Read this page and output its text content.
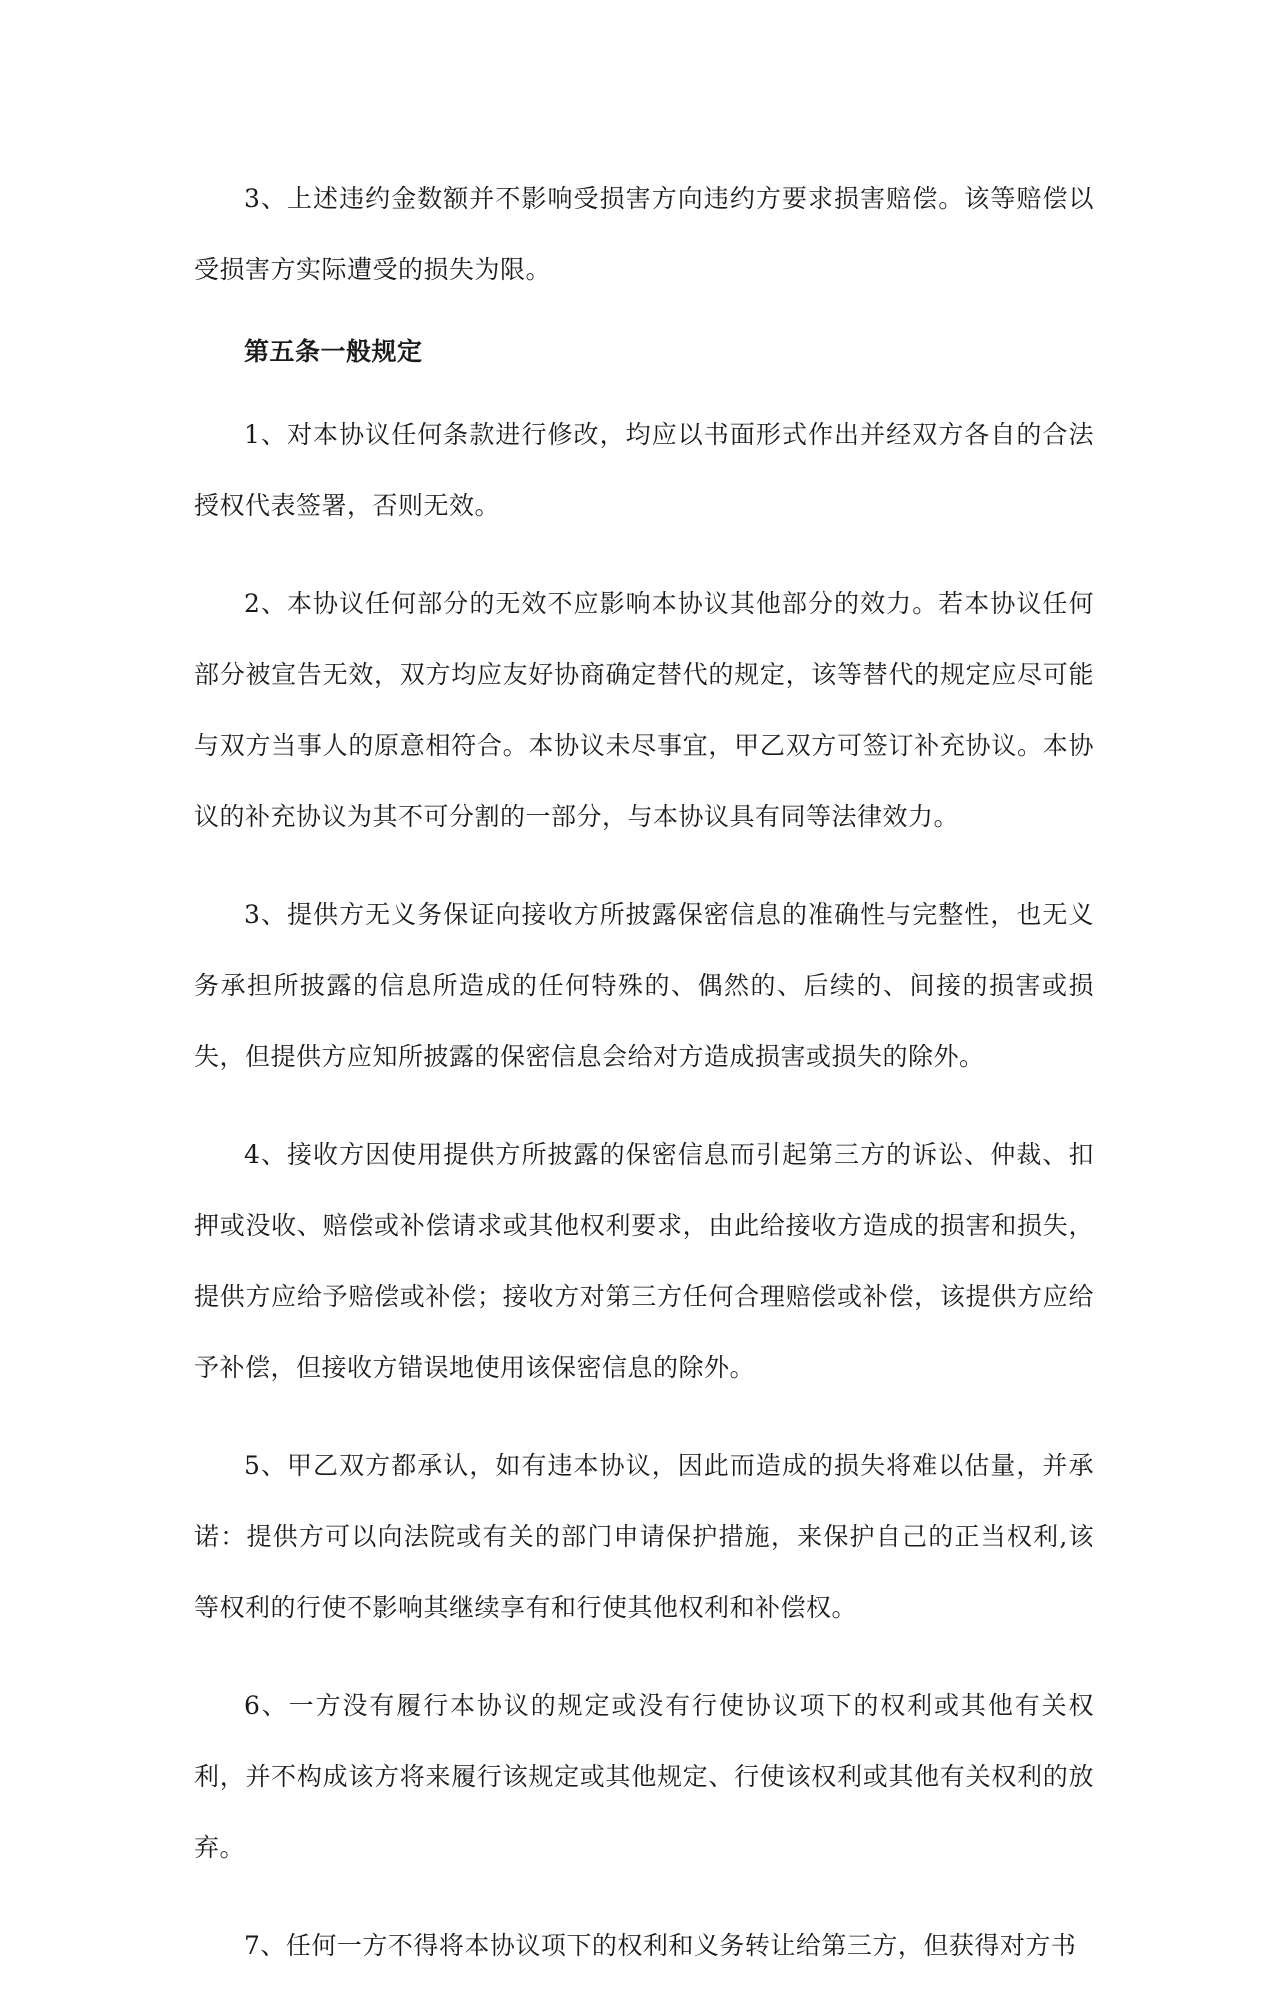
3、上述违约金数额并不影响受损害方向违约方要求损害赔偿。该等赔偿以受损害方实际遭受的损失为限。

第五条一般规定

1、对本协议任何条款进行修改，均应以书面形式作出并经双方各自的合法授权代表签署，否则无效。

2、本协议任何部分的无效不应影响本协议其他部分的效力。若本协议任何部分被宣告无效，双方均应友好协商确定替代的规定，该等替代的规定应尽可能与双方当事人的原意相符合。本协议未尽事宜，甲乙双方可签订补充协议。本协议的补充协议为其不可分割的一部分，与本协议具有同等法律效力。

3、提供方无义务保证向接收方所披露保密信息的准确性与完整性，也无义务承担所披露的信息所造成的任何特殊的、偶然的、后续的、间接的损害或损失，但提供方应知所披露的保密信息会给对方造成损害或损失的除外。

4、接收方因使用提供方所披露的保密信息而引起第三方的诉讼、仲裁、扣押或没收、赔偿或补偿请求或其他权利要求，由此给接收方造成的损害和损失，提供方应给予赔偿或补偿；接收方对第三方任何合理赔偿或补偿，该提供方应给予补偿，但接收方错误地使用该保密信息的除外。

5、甲乙双方都承认，如有违本协议，因此而造成的损失将难以估量，并承诺：提供方可以向法院或有关的部门申请保护措施，来保护自己的正当权利,该等权利的行使不影响其继续享有和行使其他权利和补偿权。

6、一方没有履行本协议的规定或没有行使协议项下的权利或其他有关权利，并不构成该方将来履行该规定或其他规定、行使该权利或其他有关权利的放弃。

7、任何一方不得将本协议项下的权利和义务转让给第三方，但获得对方书
